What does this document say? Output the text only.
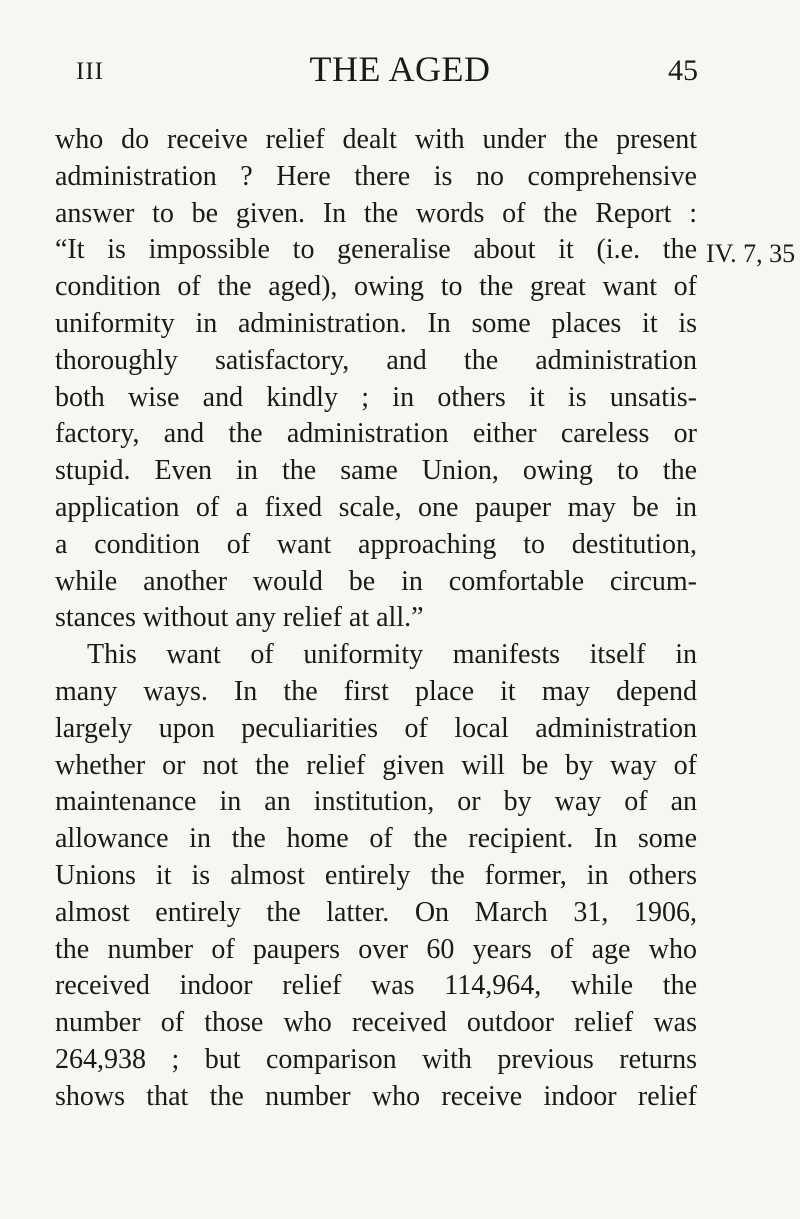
III	THE AGED	45
IV. 7, 35
who do receive relief dealt with under the present
administration ? Here there is no comprehensive
answer to be given. In the words of the Report :
“It is impossible to generalise about it (i.e. the
condition of the aged), owing to the great want of
uniformity in administration. In some places it is
thoroughly satisfactory, and the administration
both wise and kindly ; in others it is unsatis-
factory, and the administration either careless or
stupid. Even in the same Union, owing to the
application of a fixed scale, one pauper may be in
a condition of want approaching to destitution,
while another would be in comfortable circum-
stances without any relief at all.”
This want of uniformity manifests itself in
many ways. In the first place it may depend
largely upon peculiarities of local administration
whether or not the relief given will be by way of
maintenance in an institution, or by way of an
allowance in the home of the recipient. In some
Unions it is almost entirely the former, in others
almost entirely the latter. On March 31, 1906,
the number of paupers over 60 years of age who
received indoor relief was 114,964, while the
number of those who received outdoor relief was
264,938 ; but comparison with previous returns
shows that the number who receive indoor relief
